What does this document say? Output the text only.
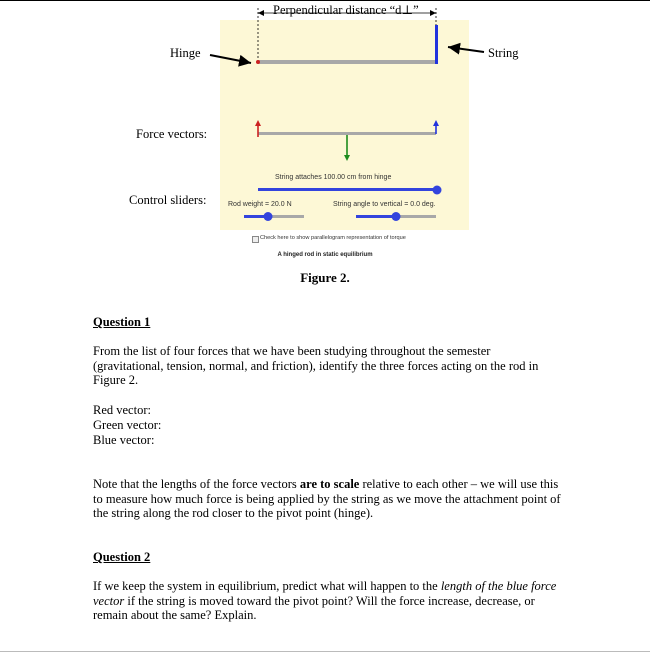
Perpendicular distance “d⊥”
Hinge	String
Force vectors:
Control sliders:
String attaches 100.00 cm from hinge
Rod weight = 20.0 N	String angle to vertical = 0.0 deg.
Check here to show parallelogram representation of torque
A hinged rod in static equilibrium
Figure 2.
Question 1
From the list of four forces that we have been studying throughout the semester (gravitational, tension, normal, and friction), identify the three forces acting on the rod in Figure 2.
Red vector:
Green vector:
Blue vector:
Note that the lengths of the force vectors are to scale relative to each other – we will use this to measure how much force is being applied by the string as we move the attachment point of the string along the rod closer to the pivot point (hinge).
Question 2
If we keep the system in equilibrium, predict what will happen to the length of the blue force vector if the string is moved toward the pivot point? Will the force increase, decrease, or remain about the same? Explain.
